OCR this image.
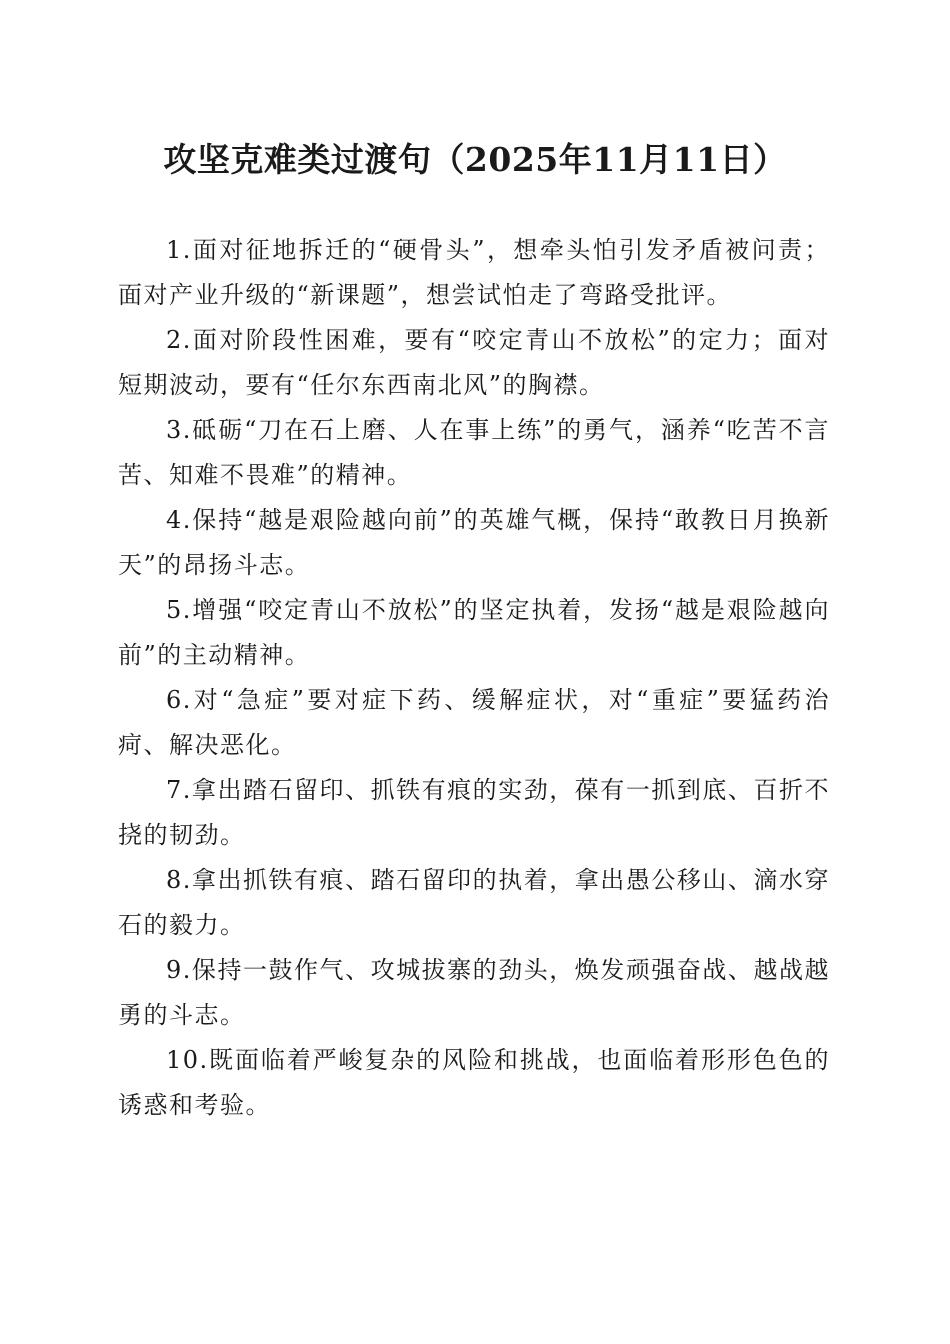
攻坚克难类过渡句（2025年11月11日）

1.面对征地拆迁的“硬骨头”，想牵头怕引发矛盾被问责；面对产业升级的“新课题”，想尝试怕走了弯路受批评。

2.面对阶段性困难，要有“咬定青山不放松”的定力；面对短期波动，要有“任尔东西南北风”的胸襟。

3.砥砺“刀在石上磨、人在事上练”的勇气，涵养“吃苦不言苦、知难不畏难”的精神。

4.保持“越是艰险越向前”的英雄气概，保持“敢教日月换新天”的昂扬斗志。

5.增强“咬定青山不放松”的坚定执着，发扬“越是艰险越向前”的主动精神。

6.对“急症”要对症下药、缓解症状，对“重症”要猛药治疴、解决恶化。

7.拿出踏石留印、抓铁有痕的实劲，葆有一抓到底、百折不挠的韧劲。

8.拿出抓铁有痕、踏石留印的执着，拿出愚公移山、滴水穿石的毅力。

9.保持一鼓作气、攻城拔寨的劲头，焕发顽强奋战、越战越勇的斗志。

10.既面临着严峻复杂的风险和挑战，也面临着形形色色的诱惑和考验。
